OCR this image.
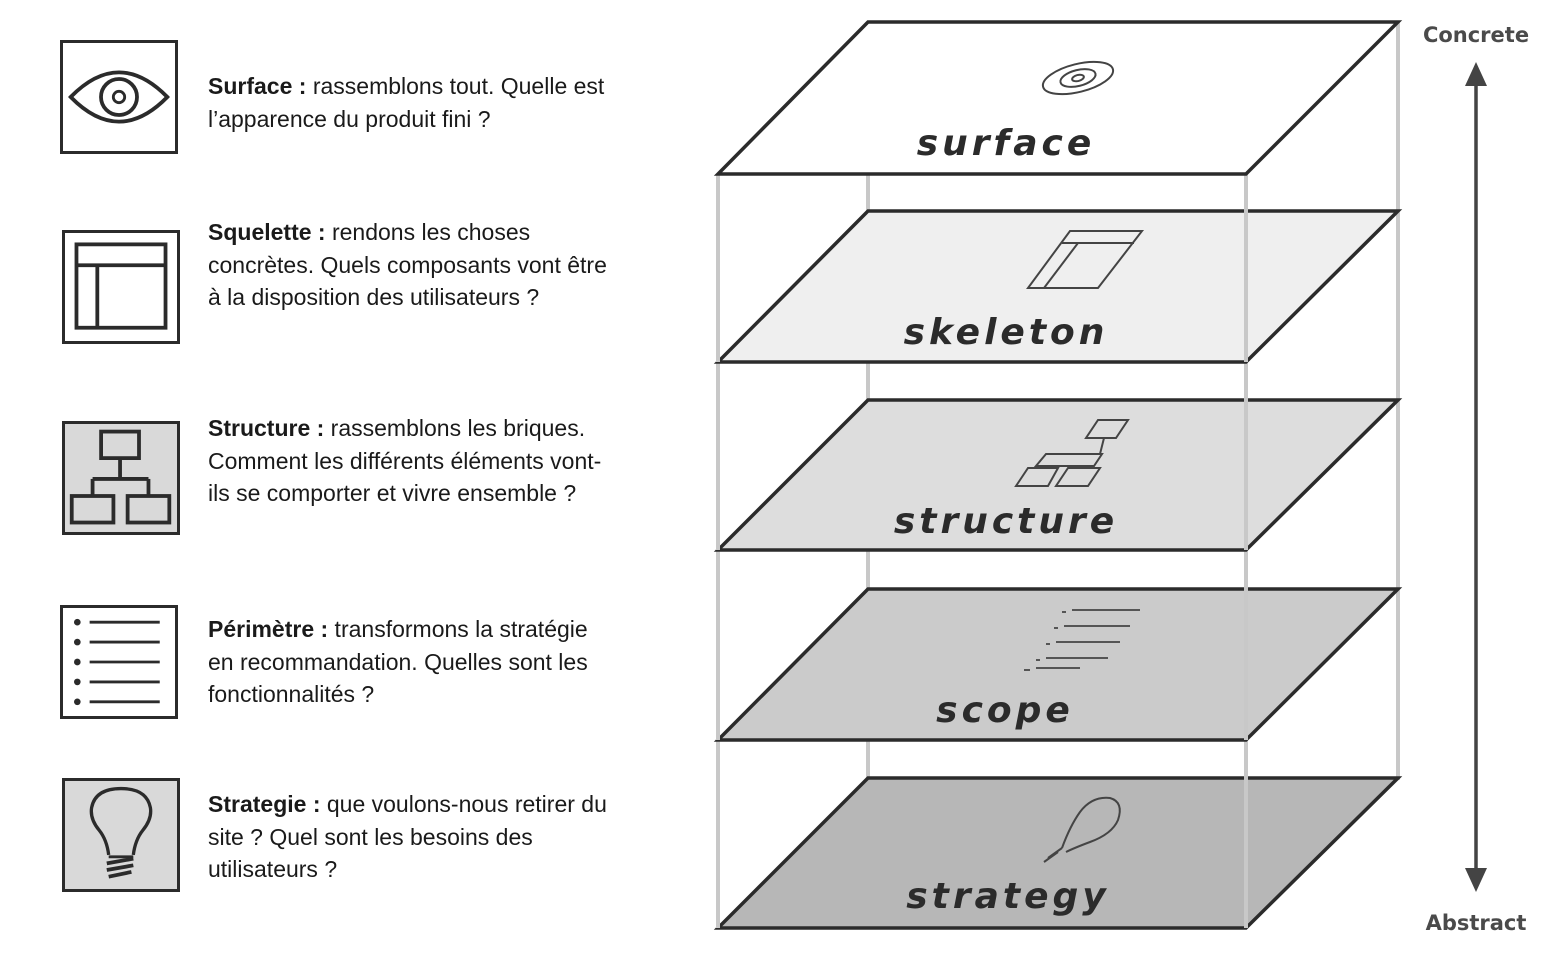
Surface : rassemblons tout. Quelle est l’apparence du produit fini ?

Squelette : rendons les choses concrètes. Quels composants vont être à la disposition des utilisateurs ?

Structure : rassemblons les briques. Comment les différents éléments vont-ils se comporter et vivre ensemble ?

Périmètre : transformons la stratégie en recommandation. Quelles sont les fonctionnalités ?

Strategie : que voulons-nous retirer du site ? Quel sont les besoins des utilisateurs ?

strategy
scope
structure
skeleton
surface
Concrete
Abstract
